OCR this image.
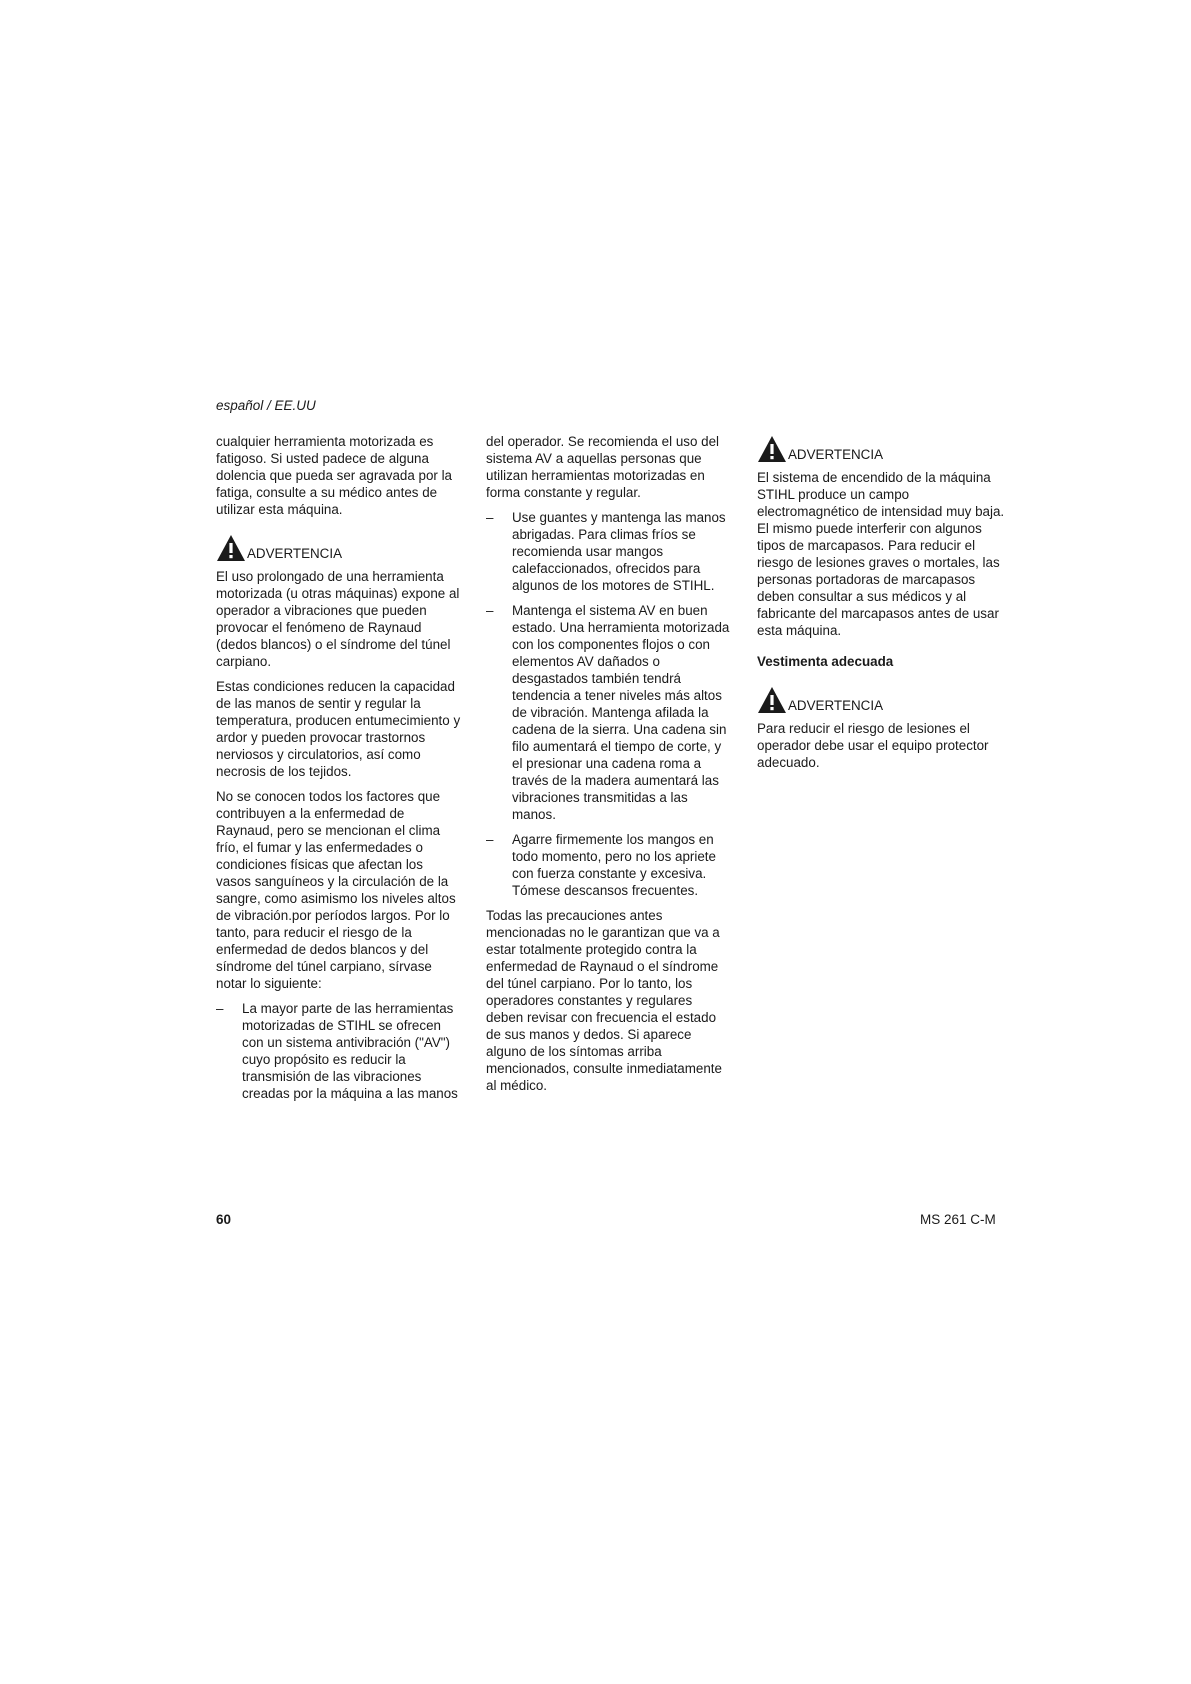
español / EE.UU

cualquier herramienta motorizada es fatigoso. Si usted padece de alguna dolencia que pueda ser agravada por la fatiga, consulte a su médico antes de utilizar esta máquina.

ADVERTENCIA

El uso prolongado de una herramienta motorizada (u otras máquinas) expone al operador a vibraciones que pueden provocar el fenómeno de Raynaud (dedos blancos) o el síndrome del túnel carpiano.

Estas condiciones reducen la capacidad de las manos de sentir y regular la temperatura, producen entumecimiento y ardor y pueden provocar trastornos nerviosos y circulatorios, así como necrosis de los tejidos.

No se conocen todos los factores que contribuyen a la enfermedad de Raynaud, pero se mencionan el clima frío, el fumar y las enfermedades o condiciones físicas que afectan los vasos sanguíneos y la circulación de la sangre, como asimismo los niveles altos de vibración.por períodos largos. Por lo tanto, para reducir el riesgo de la enfermedad de dedos blancos y del síndrome del túnel carpiano, sírvase notar lo siguiente:

– La mayor parte de las herramientas motorizadas de STIHL se ofrecen con un sistema antivibración ("AV") cuyo propósito es reducir la transmisión de las vibraciones creadas por la máquina a las manos

del operador. Se recomienda el uso del sistema AV a aquellas personas que utilizan herramientas motorizadas en forma constante y regular.

– Use guantes y mantenga las manos abrigadas. Para climas fríos se recomienda usar mangos calefaccionados, ofrecidos para algunos de los motores de STIHL.
– Mantenga el sistema AV en buen estado. Una herramienta motorizada con los componentes flojos o con elementos AV dañados o desgastados también tendrá tendencia a tener niveles más altos de vibración. Mantenga afilada la cadena de la sierra. Una cadena sin filo aumentará el tiempo de corte, y el presionar una cadena roma a través de la madera aumentará las vibraciones transmitidas a las manos.
– Agarre firmemente los mangos en todo momento, pero no los apriete con fuerza constante y excesiva. Tómese descansos frecuentes.

Todas las precauciones antes mencionadas no le garantizan que va a estar totalmente protegido contra la enfermedad de Raynaud o el síndrome del túnel carpiano. Por lo tanto, los operadores constantes y regulares deben revisar con frecuencia el estado de sus manos y dedos. Si aparece alguno de los síntomas arriba mencionados, consulte inmediatamente al médico.

ADVERTENCIA

El sistema de encendido de la máquina STIHL produce un campo electromagnético de intensidad muy baja. El mismo puede interferir con algunos tipos de marcapasos. Para reducir el riesgo de lesiones graves o mortales, las personas portadoras de marcapasos deben consultar a sus médicos y al fabricante del marcapasos antes de usar esta máquina.

Vestimenta adecuada
ADVERTENCIA

Para reducir el riesgo de lesiones el operador debe usar el equipo protector adecuado.

60	MS 261 C-M
